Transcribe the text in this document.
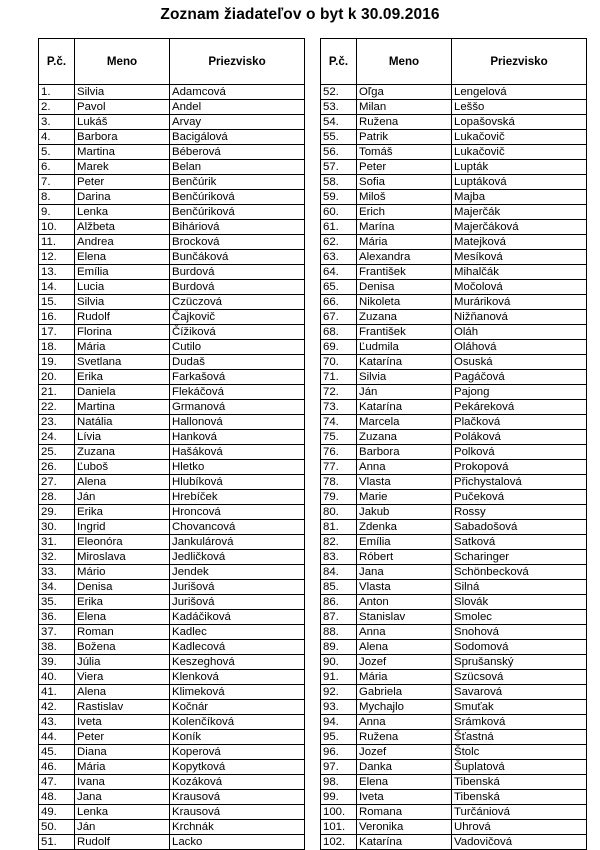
Zoznam žiadateľov o byt k 30.09.2016
P.č.	Meno	Priezvisko
1.	Silvia	Adamcová
2.	Pavol	Andel
3.	Lukáš	Arvay
4.	Barbora	Bacigálová
5.	Martina	Béberová
6.	Marek	Belan
7.	Peter	Benčúrik
8.	Darina	Benčúriková
9.	Lenka	Benčúriková
10.	Alžbeta	Biháriová
11.	Andrea	Brocková
12.	Elena	Bunčáková
13.	Emília	Burdová
14.	Lucia	Burdová
15.	Silvia	Czüczová
16.	Rudolf	Čajkovič
17.	Florina	Čížiková
18.	Mária	Cutilo
19.	Svetlana	Dudaš
20.	Erika	Farkašová
21.	Daniela	Flekáčová
22.	Martina	Grmanová
23.	Natália	Hallonová
24.	Lívia	Hanková
25.	Zuzana	Hašáková
26.	Ľuboš	Hletko
27.	Alena	Hlubíková
28.	Ján	Hrebíček
29.	Erika	Hroncová
30.	Ingrid	Chovancová
31.	Eleonóra	Jankulárová
32.	Miroslava	Jedličková
33.	Mário	Jendek
34.	Denisa	Jurišová
35.	Erika	Jurišová
36.	Elena	Kadáčiková
37.	Roman	Kadlec
38.	Božena	Kadlecová
39.	Júlia	Keszeghová
40.	Viera	Klenková
41.	Alena	Klimeková
42.	Rastislav	Kočnár
43.	Iveta	Kolenčíková
44.	Peter	Koník
45.	Diana	Koperová
46.	Mária	Kopytková
47.	Ivana	Kozáková
48.	Jana	Krausová
49.	Lenka	Krausová
50.	Ján	Krchnák
51.	Rudolf	Lacko
P.č.	Meno	Priezvisko
52.	Oľga	Lengelová
53.	Milan	Leššo
54.	Ružena	Lopašovská
55.	Patrik	Lukačovič
56.	Tomáš	Lukačovič
57.	Peter	Lupták
58.	Sofia	Luptáková
59.	Miloš	Majba
60.	Erich	Majerčák
61.	Marína	Majerčáková
62.	Mária	Matejková
63.	Alexandra	Mesíková
64.	František	Mihalčák
65.	Denisa	Močolová
66.	Nikoleta	Muráriková
67.	Zuzana	Nižňanová
68.	František	Oláh
69.	Ľudmila	Oláhová
70.	Katarína	Osuská
71.	Silvia	Pagáčová
72.	Ján	Pajong
73.	Katarína	Pekáreková
74.	Marcela	Plačková
75.	Zuzana	Poláková
76.	Barbora	Polková
77.	Anna	Prokopová
78.	Vlasta	Přichystalová
79.	Marie	Pučeková
80.	Jakub	Rossy
81.	Zdenka	Sabadošová
82.	Emília	Satková
83.	Róbert	Scharinger
84.	Jana	Schönbecková
85.	Vlasta	Silná
86.	Anton	Slovák
87.	Stanislav	Smolec
88.	Anna	Snohová
89.	Alena	Sodomová
90.	Jozef	Sprušanský
91.	Mária	Szücsová
92.	Gabriela	Savarová
93.	Mychajlo	Smuťak
94.	Anna	Srámková
95.	Ružena	Šťastná
96.	Jozef	Štolc
97.	Danka	Šuplatová
98.	Elena	Tibenská
99.	Iveta	Tibenská
100.	Romana	Turčániová
101.	Veronika	Uhrová
102.	Katarína	Vadovičová
